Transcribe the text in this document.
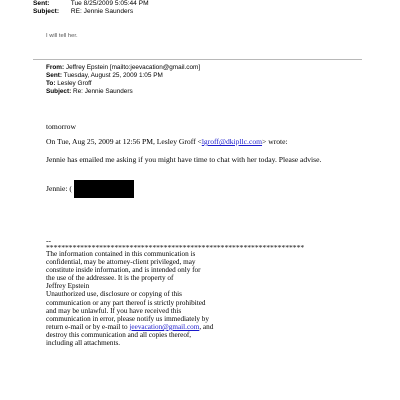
Sent:	Tue 8/25/2009 5:05:44 PM
Subject: RE: Jennie Saunders
I will tell her.
From: Jeffrey Epstein [mailto:jeevacation@gmail.com]
Sent: Tuesday, August 25, 2009 1:05 PM
To: Lesley Groff
Subject: Re: Jennie Saunders
tomorrow
On Tue, Aug 25, 2009 at 12:56 PM, Lesley Groff <lgroff@dkipllc.com> wrote:
Jennie has emailed me asking if you might have time to chat with her today. Please advise.
Jennie: (
--
********************************************************************
The information contained in this communication is
confidential, may be attorney-client privileged, may
constitute inside information, and is intended only for
the use of the addressee. It is the property of
Jeffrey Epstein
Unauthorized use, disclosure or copying of this
communication or any part thereof is strictly prohibited
and may be unlawful. If you have received this
communication in error, please notify us immediately by
return e-mail or by e-mail to jeevacation@gmail.com, and
destroy this communication and all copies thereof,
including all attachments.
